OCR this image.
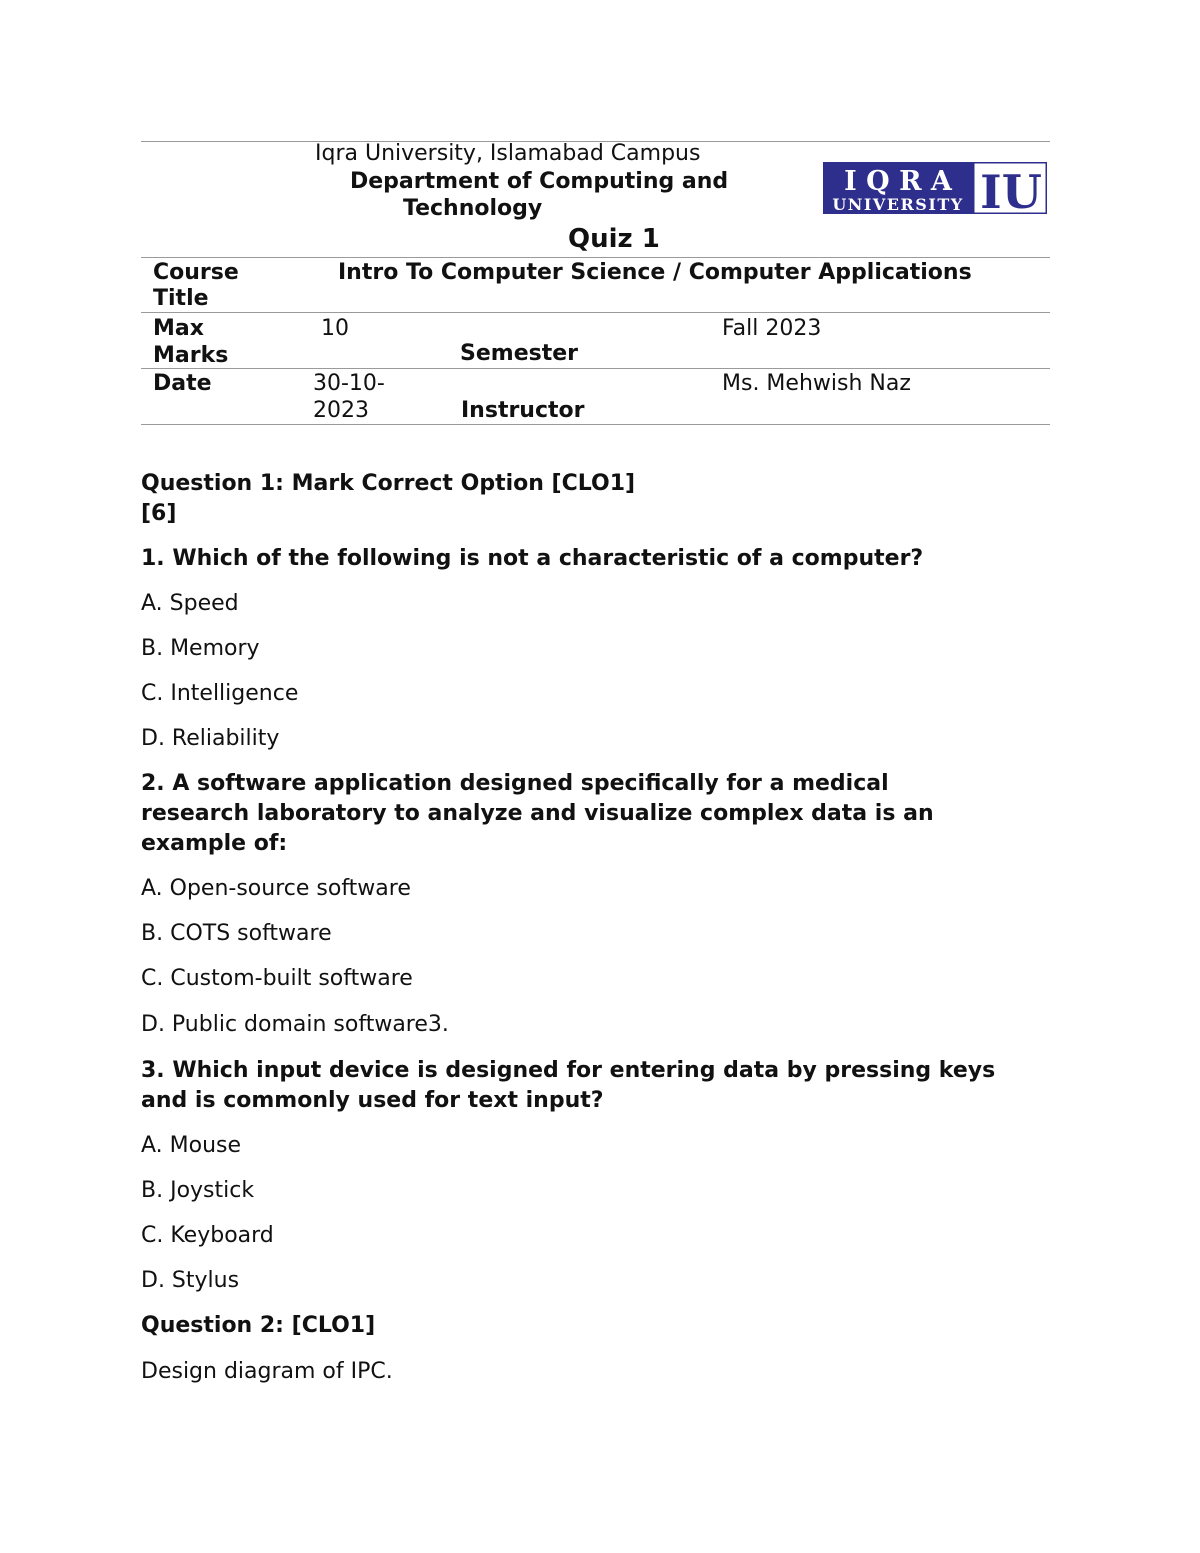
Iqra University, Islamabad Campus
Department of Computing and
Technology
Quiz 1
I Q R A
UNIVERSITY IU
Course
Title
Intro To Computer Science / Computer Applications
Max
Marks
10
Semester
Fall 2023
Date	30-10-
2023	Instructor
Ms. Mehwish Naz
Question 1: Mark Correct Option [CLO1]
[6]
1. Which of the following is not a characteristic of a computer?
A. Speed
B. Memory
C. Intelligence
D. Reliability
2. A software application designed specifically for a medical
research laboratory to analyze and visualize complex data is an
example of:
A. Open-source software
B. COTS software
C. Custom-built software
D. Public domain software3.
3. Which input device is designed for entering data by pressing keys
and is commonly used for text input?
A. Mouse
B. Joystick
C. Keyboard
D. Stylus
Question 2: [CLO1]
Design diagram of IPC.
